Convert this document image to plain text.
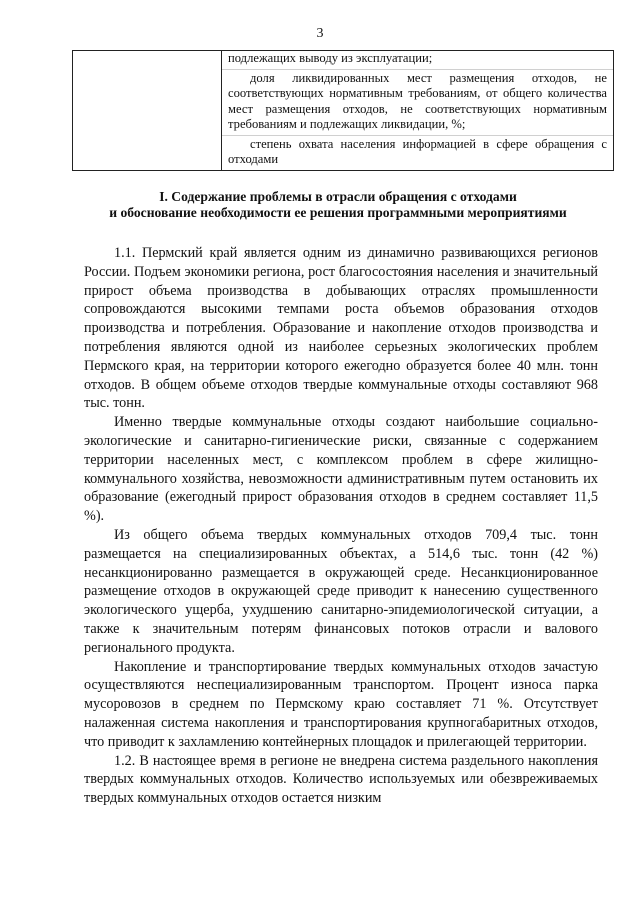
3

подлежащих выводу из эксплуатации;
доля ликвидированных мест размещения отходов, не соответствующих нормативным требованиям, от общего количества мест размещения отходов, не соответствующих нормативным требованиям и подлежащих ликвидации, %;
степень охвата населения информацией в сфере обращения с отходами
I. Содержание проблемы в отрасли обращения с отходами
и обоснование необходимости ее решения программными мероприятиями

1.1. Пермский край является одним из динамично развивающихся регионов России. Подъем экономики региона, рост благосостояния населения и значительный прирост объема производства в добывающих отраслях промышленности сопровождаются высокими темпами роста объемов образования отходов производства и потребления. Образование и накопление отходов производства и потребления являются одной из наиболее серьезных экологических проблем Пермского края, на территории которого ежегодно образуется более 40 млн. тонн отходов. В общем объеме отходов твердые коммунальные отходы составляют 968 тыс. тонн.

Именно твердые коммунальные отходы создают наибольшие социально-экологические и санитарно-гигиенические риски, связанные с содержанием территории населенных мест, с комплексом проблем в сфере жилищно-коммунального хозяйства, невозможности административным путем остановить их образование (ежегодный прирост образования отходов в среднем составляет 11,5 %).

Из общего объема твердых коммунальных отходов 709,4 тыс. тонн размещается на специализированных объектах, а 514,6 тыс. тонн (42 %) несанкционированно размещается в окружающей среде. Несанкционированное размещение отходов в окружающей среде приводит к нанесению существенного экологического ущерба, ухудшению санитарно-эпидемиологической ситуации, а также к значительным потерям финансовых потоков отрасли и валового регионального продукта.

Накопление и транспортирование твердых коммунальных отходов зачастую осуществляются неспециализированным транспортом. Процент износа парка мусоровозов в среднем по Пермскому краю составляет 71 %. Отсутствует налаженная система накопления и транспортирования крупногабаритных отходов, что приводит к захламлению контейнерных площадок и прилегающей территории.

1.2. В настоящее время в регионе не внедрена система раздельного накопления твердых коммунальных отходов. Количество используемых или обезвреживаемых твердых коммунальных отходов остается низким
